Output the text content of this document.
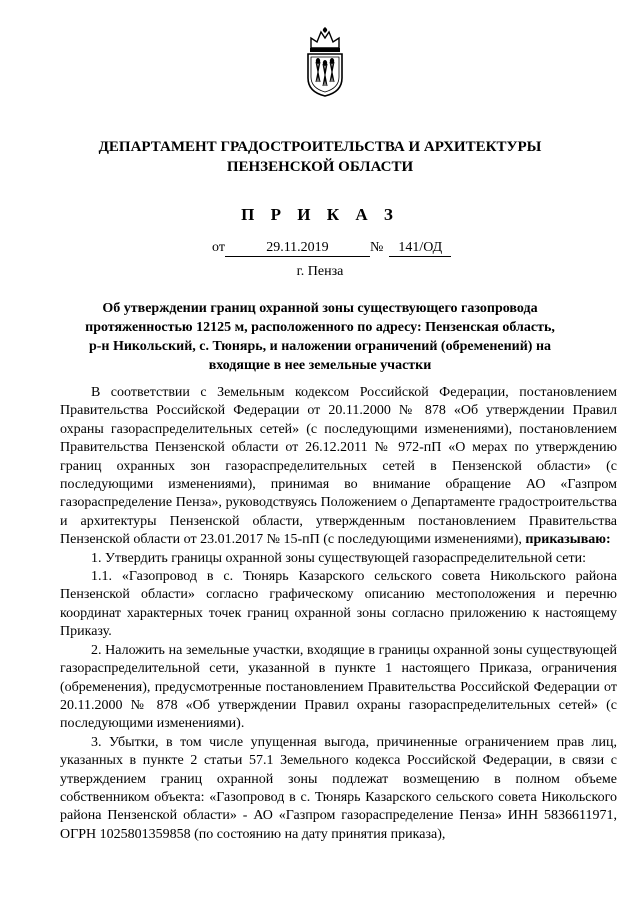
ДЕПАРТАМЕНТ ГРАДОСТРОИТЕЛЬСТВА И АРХИТЕКТУРЫ
ПЕНЗЕНСКОЙ ОБЛАСТИ
П Р И К А З
от	29.11.2019	№ 141/ОД
г. Пенза
Об утверждении границ охранной зоны существующего газопровода
протяженностью 12125 м, расположенного по адресу: Пензенская область,
р-н Никольский, с. Тюнярь, и наложении ограничений (обременений) на
входящие в нее земельные участки

В соответствии с Земельным кодексом Российской Федерации, постановлением Правительства Российской Федерации от 20.11.2000 № 878 «Об утверждении Правил охраны газораспределительных сетей» (с последующими изменениями), постановлением Правительства Пензенской области от 26.12.2011 № 972-пП «О мерах по утверждению границ охранных зон газораспределительных сетей в Пензенской области» (с последующими изменениями), принимая во внимание обращение АО «Газпром газораспределение Пенза», руководствуясь Положением о Департаменте градостроительства и архитектуры Пензенской области, утвержденным постановлением Правительства Пензенской области от 23.01.2017 № 15-пП (с последующими изменениями), приказываю:

1. Утвердить границы охранной зоны существующей газораспределительной сети:

1.1. «Газопровод в с. Тюнярь Казарского сельского совета Никольского района Пензенской области» согласно графическому описанию местоположения и перечню координат характерных точек границ охранной зоны согласно приложению к настоящему Приказу.

2. Наложить на земельные участки, входящие в границы охранной зоны существующей газораспределительной сети, указанной в пункте 1 настоящего Приказа, ограничения (обременения), предусмотренные постановлением Правительства Российской Федерации от 20.11.2000 № 878 «Об утверждении Правил охраны газораспределительных сетей» (с последующими изменениями).

3. Убытки, в том числе упущенная выгода, причиненные ограничением прав лиц, указанных в пункте 2 статьи 57.1 Земельного кодекса Российской Федерации, в связи с утверждением границ охранной зоны подлежат возмещению в полном объеме собственником объекта: «Газопровод в с. Тюнярь Казарского сельского совета Никольского района Пензенской области» - АО «Газпром газораспределение Пенза» ИНН 5836611971, ОГРН 1025801359858 (по состоянию на дату принятия приказа),
